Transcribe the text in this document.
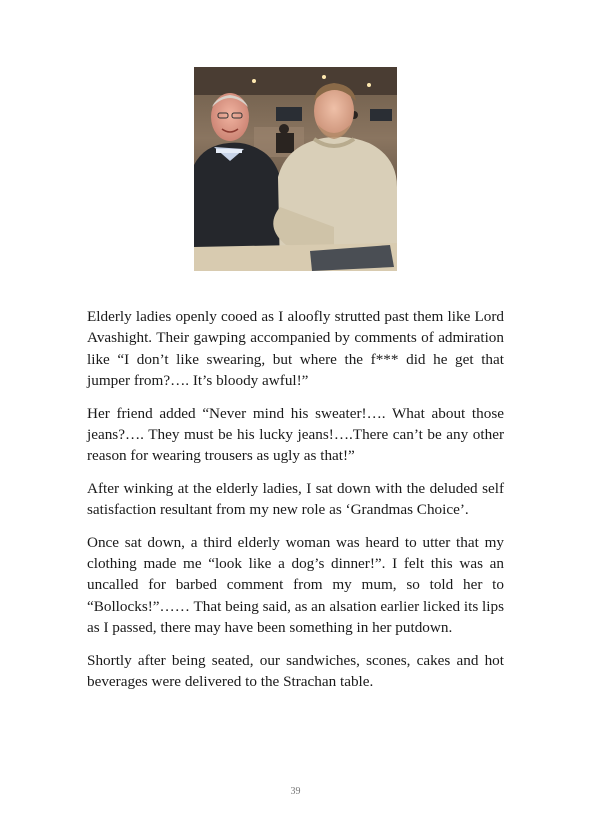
Elderly ladies openly cooed as I aloofly strutted past them like Lord Avashight. Their gawping accompanied by comments of admiration like “I don’t like swearing, but where the f*** did he get that jumper from?…. It’s bloody awful!”

Her friend added “Never mind his sweater!…. What about those jeans?…. They must be his lucky jeans!….There can’t be any other reason for wearing trousers as ugly as that!”

After winking at the elderly ladies, I sat down with the deluded self satisfaction resultant from my new role as ‘Grandmas Choice’.

Once sat down, a third elderly woman was heard to utter that my clothing made me “look like a dog’s dinner!”. I felt this was an uncalled for barbed comment from my mum, so told her to “Bollocks!”…… That being said, as an alsation earlier licked its lips as I passed, there may have been something in her putdown.

Shortly after being seated, our sandwiches, scones, cakes and hot beverages were delivered to the Strachan table.

39
